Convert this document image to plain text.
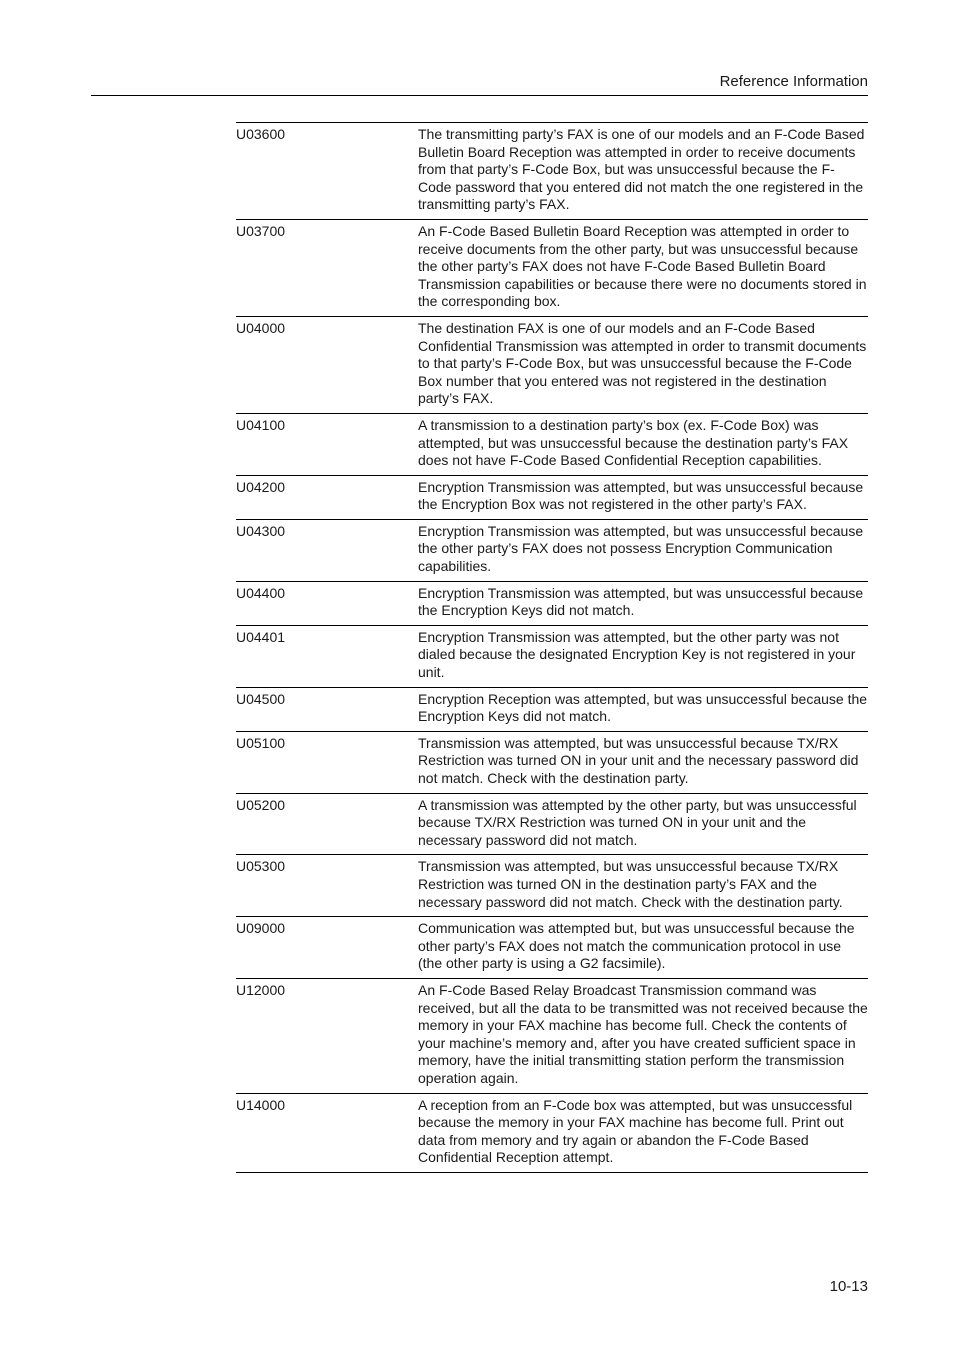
Reference Information
U03600	The transmitting party’s FAX is one of our models and an F-Code Based Bulletin Board Reception was attempted in order to receive documents from that party’s F-Code Box, but was unsuccessful because the F-Code password that you entered did not match the one registered in the transmitting party’s FAX.
U03700	An F-Code Based Bulletin Board Reception was attempted in order to receive documents from the other party, but was unsuccessful because the other party’s FAX does not have F-Code Based Bulletin Board Transmission capabilities or because there were no documents stored in the corresponding box.
U04000	The destination FAX is one of our models and an F-Code Based Confidential Transmission was attempted in order to transmit documents to that party’s F-Code Box, but was unsuccessful because the F-Code Box number that you entered was not registered in the destination party’s FAX.
U04100	A transmission to a destination party’s box (ex. F-Code Box) was attempted, but was unsuccessful because the destination party’s FAX does not have F-Code Based Confidential Reception capabilities.
U04200	Encryption Transmission was attempted, but was unsuccessful because the Encryption Box was not registered in the other party’s FAX.
U04300	Encryption Transmission was attempted, but was unsuccessful because the other party’s FAX does not possess Encryption Communication capabilities.
U04400	Encryption Transmission was attempted, but was unsuccessful because the Encryption Keys did not match.
U04401	Encryption Transmission was attempted, but the other party was not dialed because the designated Encryption Key is not registered in your unit.
U04500	Encryption Reception was attempted, but was unsuccessful because the Encryption Keys did not match.
U05100	Transmission was attempted, but was unsuccessful because TX/RX Restriction was turned ON in your unit and the necessary password did not match. Check with the destination party.
U05200	A transmission was attempted by the other party, but was unsuccessful because TX/RX Restriction was turned ON in your unit and the necessary password did not match.
U05300	Transmission was attempted, but was unsuccessful because TX/RX Restriction was turned ON in the destination party’s FAX and the necessary password did not match. Check with the destination party.
U09000	Communication was attempted but, but was unsuccessful because the other party’s FAX does not match the communication protocol in use (the other party is using a G2 facsimile).
U12000	An F-Code Based Relay Broadcast Transmission command was received, but all the data to be transmitted was not received because the memory in your FAX machine has become full. Check the contents of your machine’s memory and, after you have created sufficient space in memory, have the initial transmitting station perform the transmission operation again.
U14000	A reception from an F-Code box was attempted, but was unsuccessful because the memory in your FAX machine has become full. Print out data from memory and try again or abandon the F-Code Based Confidential Reception attempt.
10-13
